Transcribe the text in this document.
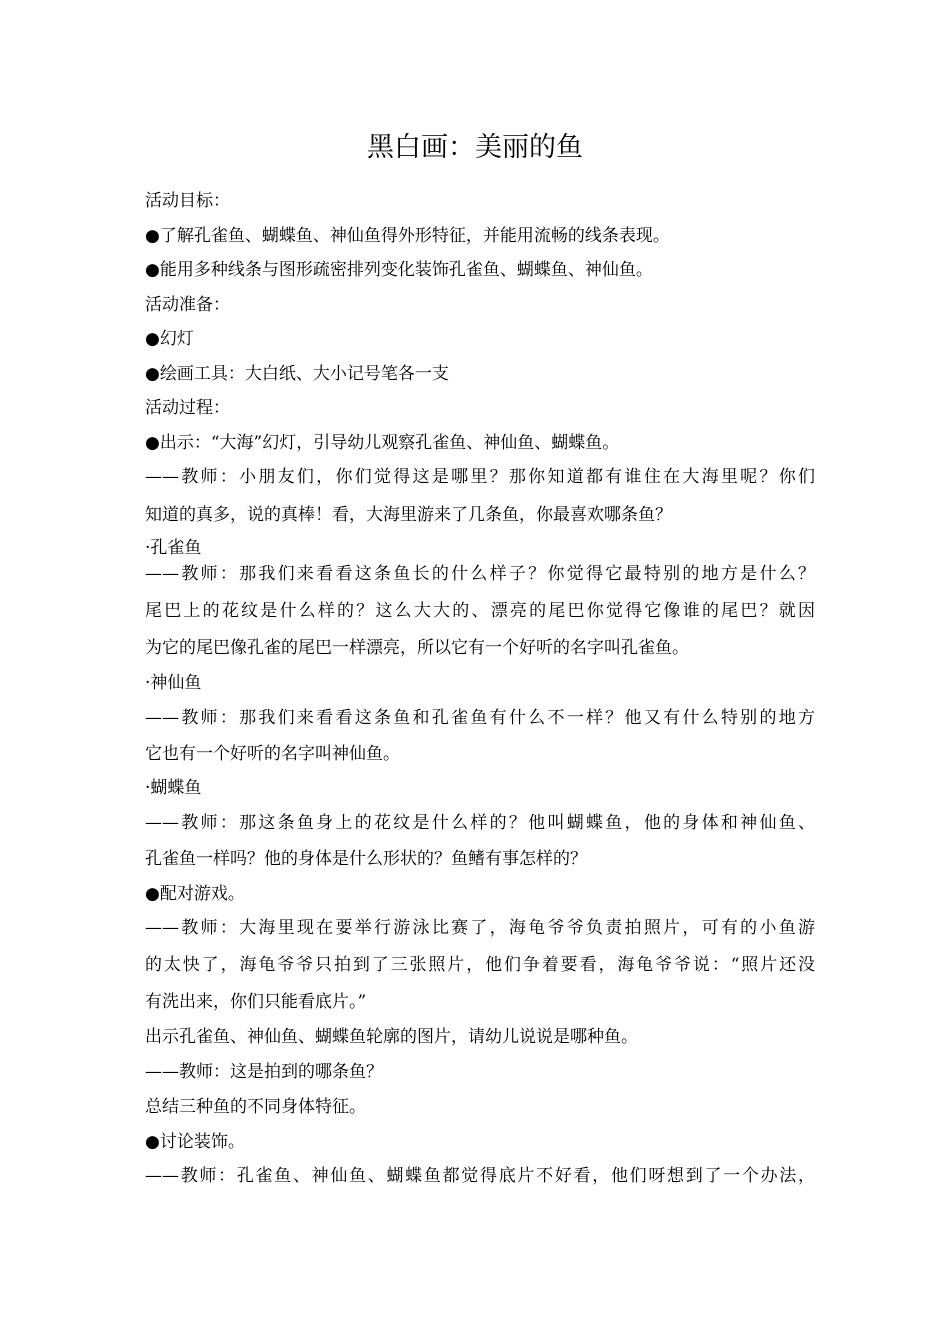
黑白画：美丽的鱼

活动目标：

●了解孔雀鱼、蝴蝶鱼、神仙鱼得外形特征，并能用流畅的线条表现。

●能用多种线条与图形疏密排列变化装饰孔雀鱼、蝴蝶鱼、神仙鱼。

活动准备：

●幻灯

●绘画工具：大白纸、大小记号笔各一支

活动过程：

●出示：“大海”幻灯，引导幼儿观察孔雀鱼、神仙鱼、蝴蝶鱼。

——教师：小朋友们，你们觉得这是哪里？那你知道都有谁住在大海里呢？你们

知道的真多，说的真棒！看，大海里游来了几条鱼，你最喜欢哪条鱼？

·孔雀鱼

——教师：那我们来看看这条鱼长的什么样子？你觉得它最特别的地方是什么？

尾巴上的花纹是什么样的？这么大大的、漂亮的尾巴你觉得它像谁的尾巴？就因

为它的尾巴像孔雀的尾巴一样漂亮，所以它有一个好听的名字叫孔雀鱼。

·神仙鱼

——教师：那我们来看看这条鱼和孔雀鱼有什么不一样？他又有什么特别的地方

它也有一个好听的名字叫神仙鱼。

·蝴蝶鱼

——教师：那这条鱼身上的花纹是什么样的？他叫蝴蝶鱼，他的身体和神仙鱼、

孔雀鱼一样吗？他的身体是什么形状的？鱼鳍有事怎样的？

●配对游戏。

——教师：大海里现在要举行游泳比赛了，海龟爷爷负责拍照片，可有的小鱼游

的太快了，海龟爷爷只拍到了三张照片，他们争着要看，海龟爷爷说：“照片还没

有洗出来，你们只能看底片。”

出示孔雀鱼、神仙鱼、蝴蝶鱼轮廓的图片，请幼儿说说是哪种鱼。

——教师：这是拍到的哪条鱼？

总结三种鱼的不同身体特征。

●讨论装饰。

——教师：孔雀鱼、神仙鱼、蝴蝶鱼都觉得底片不好看，他们呀想到了一个办法，
